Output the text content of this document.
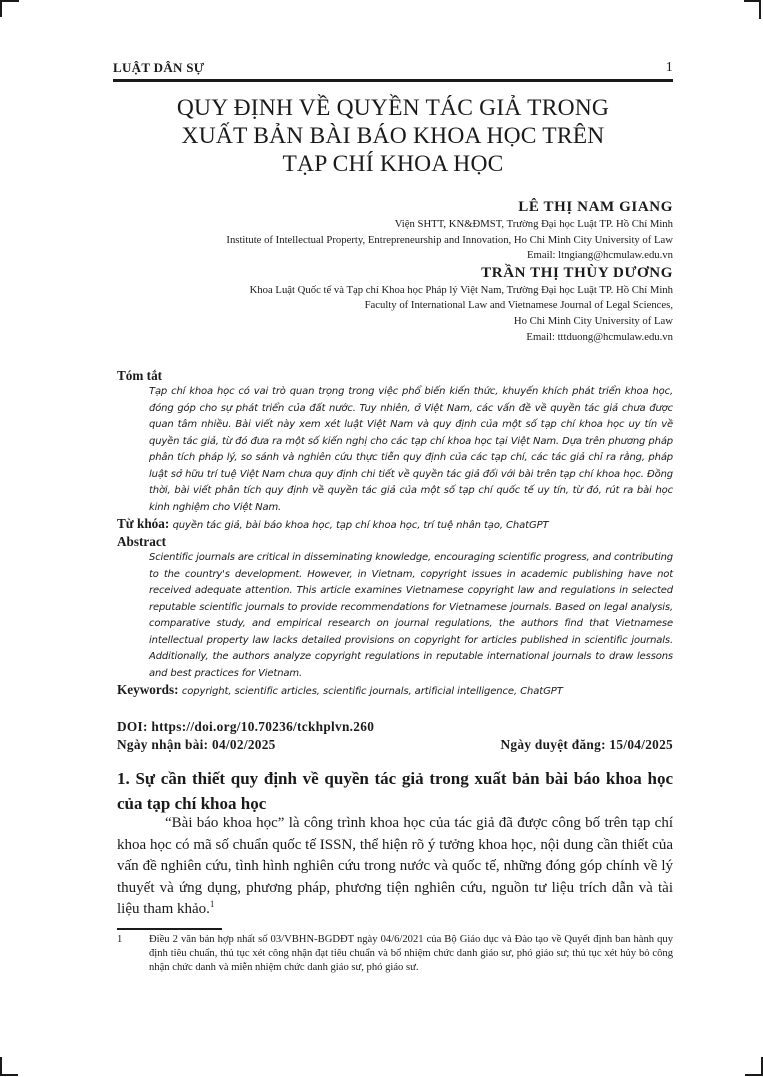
LUẬT DÂN SỰ	1
QUY ĐỊNH VỀ QUYỀN TÁC GIẢ TRONG
XUẤT BẢN BÀI BÁO KHOA HỌC TRÊN
TẠP CHÍ KHOA HỌC
LÊ THỊ NAM GIANG
Viện SHTT, KN&ĐMST, Trường Đại học Luật TP. Hồ Chí Minh
Institute of Intellectual Property, Entrepreneurship and Innovation, Ho Chi Minh City University of Law
Email: ltngiang@hcmulaw.edu.vn
TRẦN THỊ THÙY DƯƠNG
Khoa Luật Quốc tế và Tạp chí Khoa học Pháp lý Việt Nam, Trường Đại học Luật TP. Hồ Chí Minh
Faculty of International Law and Vietnamese Journal of Legal Sciences,
Ho Chi Minh City University of Law
Email: tttduong@hcmulaw.edu.vn
Tóm tắt
Tạp chí khoa học có vai trò quan trọng trong việc phổ biến kiến thức, khuyến khích phát triển khoa học, đóng góp cho sự phát triển của đất nước. Tuy nhiên, ở Việt Nam, các vấn đề về quyền tác giả chưa được quan tâm nhiều. Bài viết này xem xét luật Việt Nam và quy định của một số tạp chí khoa học uy tín về quyền tác giả, từ đó đưa ra một số kiến nghị cho các tạp chí khoa học tại Việt Nam. Dựa trên phương pháp phân tích pháp lý, so sánh và nghiên cứu thực tiễn quy định của các tạp chí, các tác giả chỉ ra rằng, pháp luật sở hữu trí tuệ Việt Nam chưa quy định chi tiết về quyền tác giả đối với bài trên tạp chí khoa học. Đồng thời, bài viết phân tích quy định về quyền tác giả của một số tạp chí quốc tế uy tín, từ đó, rút ra bài học kinh nghiệm cho Việt Nam.
Từ khóa: quyền tác giả, bài báo khoa học, tạp chí khoa học, trí tuệ nhân tạo, ChatGPT
Abstract
Scientific journals are critical in disseminating knowledge, encouraging scientific progress, and contributing to the country's development. However, in Vietnam, copyright issues in academic publishing have not received adequate attention. This article examines Vietnamese copyright law and regulations in selected reputable scientific journals to provide recommendations for Vietnamese journals. Based on legal analysis, comparative study, and empirical research on journal regulations, the authors find that Vietnamese intellectual property law lacks detailed provisions on copyright for articles published in scientific journals. Additionally, the authors analyze copyright regulations in reputable international journals to draw lessons and best practices for Vietnam.
Keywords: copyright, scientific articles, scientific journals, artificial intelligence, ChatGPT
DOI: https://doi.org/10.70236/tckhplvn.260
Ngày nhận bài: 04/02/2025	Ngày duyệt đăng: 15/04/2025
1. Sự cần thiết quy định về quyền tác giả trong xuất bản bài báo khoa học của tạp chí khoa học

“Bài báo khoa học” là công trình khoa học của tác giả đã được công bố trên tạp chí khoa học có mã số chuẩn quốc tế ISSN, thể hiện rõ ý tưởng khoa học, nội dung cần thiết của vấn đề nghiên cứu, tình hình nghiên cứu trong nước và quốc tế, những đóng góp chính về lý thuyết và ứng dụng, phương pháp, phương tiện nghiên cứu, nguồn tư liệu trích dẫn và tài liệu tham khảo.$^1$

1	Điều 2 văn bản hợp nhất số 03/VBHN-BGDĐT ngày 04/6/2021 của Bộ Giáo dục và Đào tạo về Quyết định ban hành quy định tiêu chuẩn, thủ tục xét công nhận đạt tiêu chuẩn và bổ nhiệm chức danh giáo sư, phó giáo sư; thủ tục xét hủy bỏ công nhận chức danh và miễn nhiệm chức danh giáo sư, phó giáo sư.
